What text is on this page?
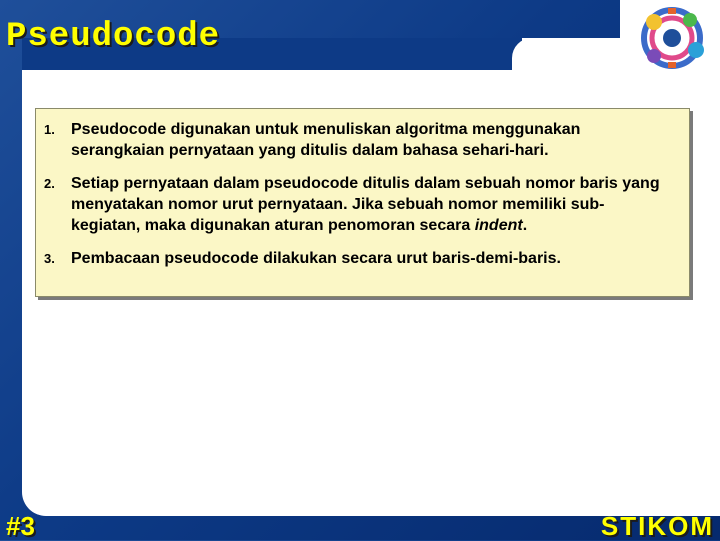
Pseudocode
1.	Pseudocode digunakan untuk menuliskan algoritma menggunakan serangkaian pernyataan yang ditulis dalam bahasa sehari-hari.
2.	Setiap pernyataan dalam pseudocode ditulis dalam sebuah nomor baris yang menyatakan nomor urut pernyataan. Jika sebuah nomor memiliki sub-kegiatan, maka digunakan aturan penomoran secara indent.
3.	Pembacaan pseudocode dilakukan secara urut baris-demi-baris.
#3	STIKOM
